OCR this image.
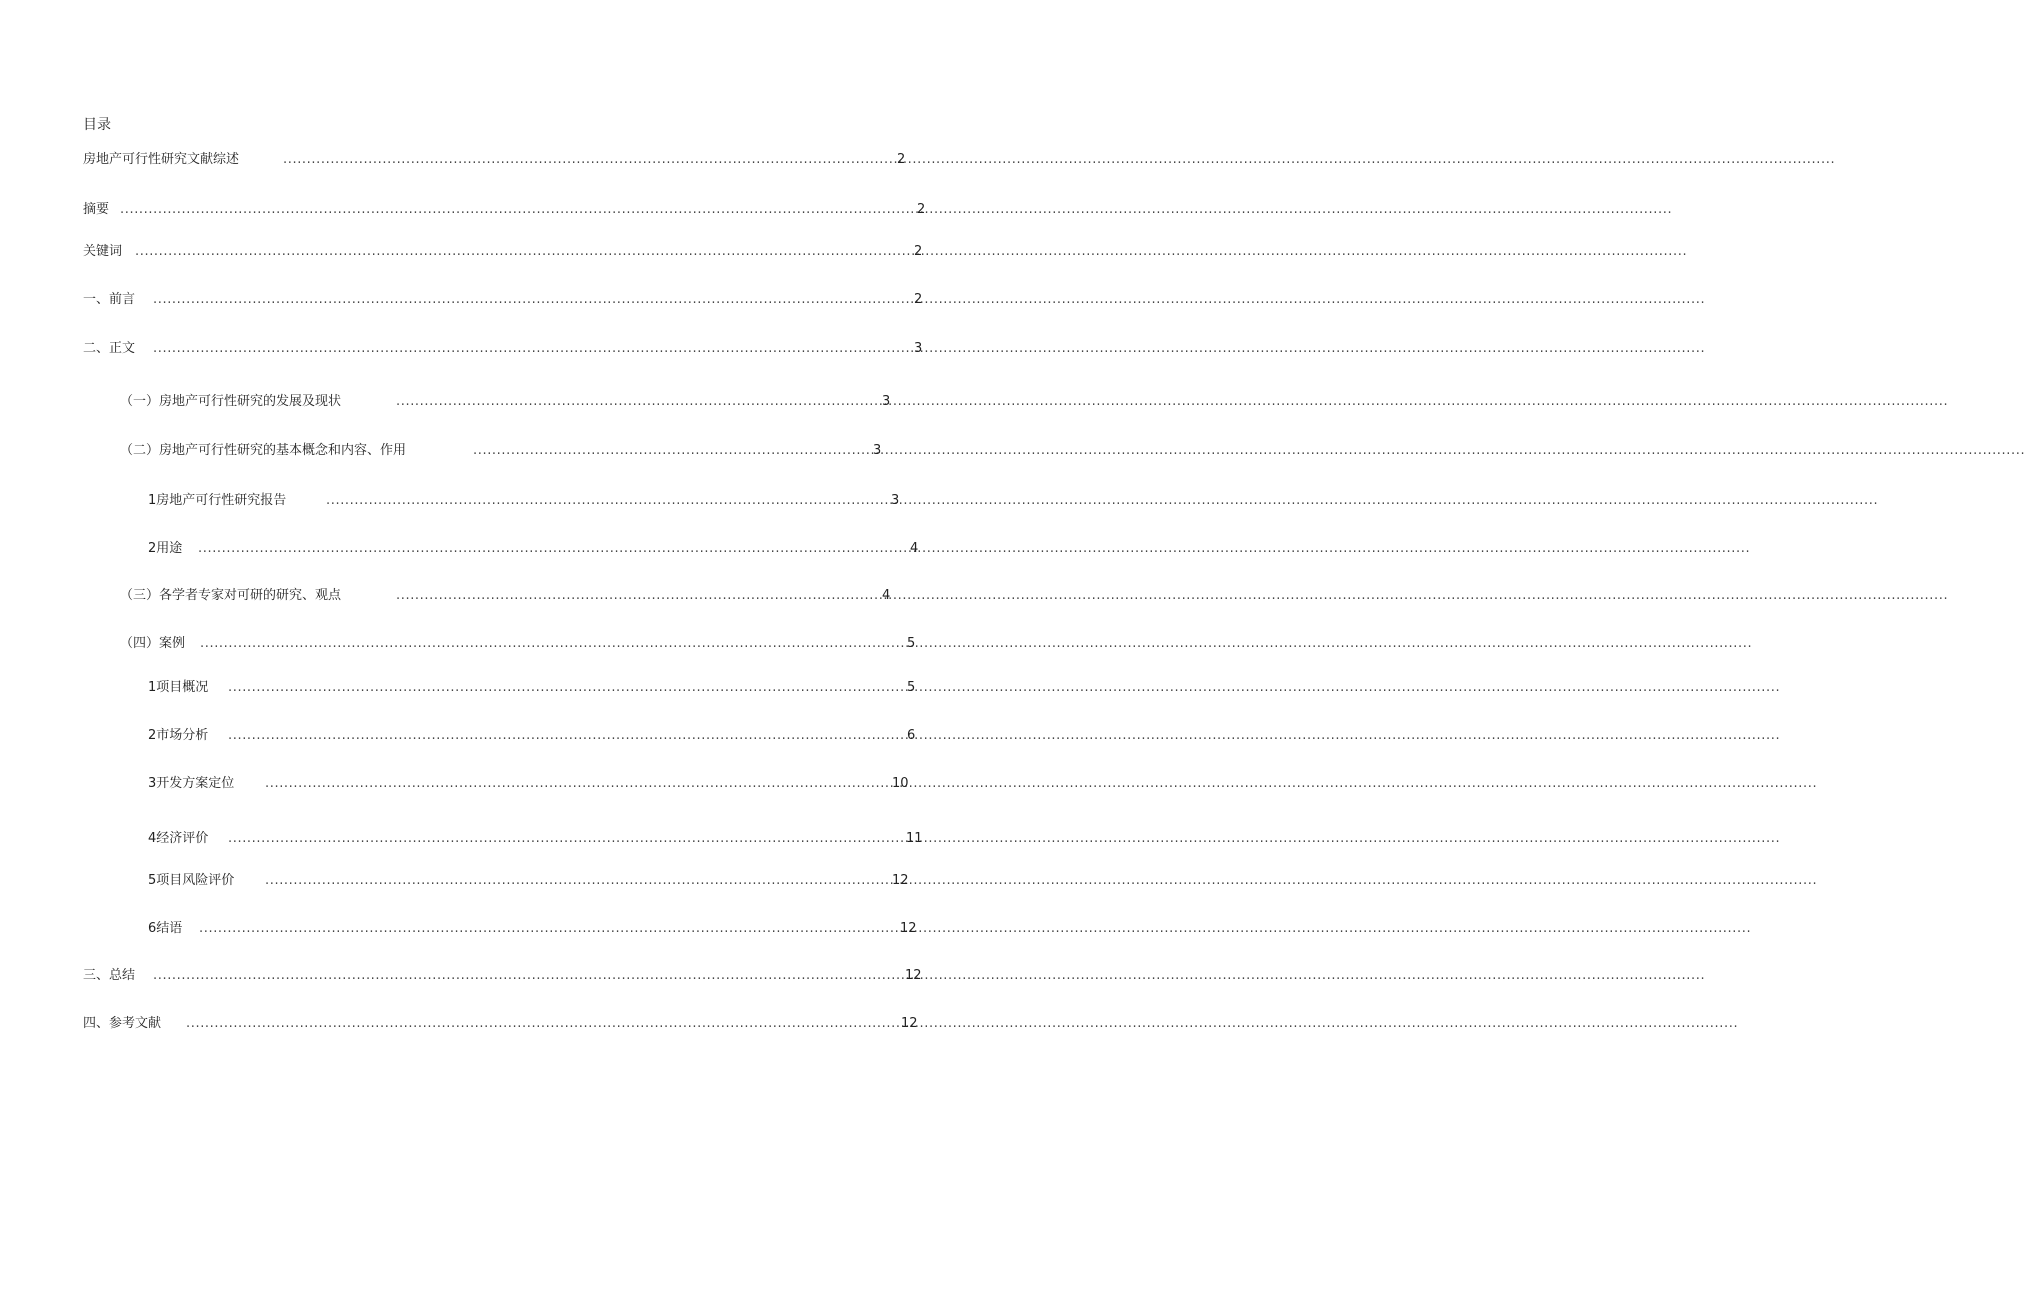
目录
房地产可行性研究文献综述 .....	2
摘要 .....	2
关键词 .....	2
一、前言 .....	2
二、正文 .....	3
（一）房地产可行性研究的发展及现状 .....	3
（二）房地产可行性研究的基本概念和内容、作用 .....	3
1房地产可行性研究报告 .....	3
2用途 .....	4
（三）各学者专家对可研的研究、观点 .....	4
（四）案例 .....	5
1项目概况 .....	5
2市场分析 .....	6
3开发方案定位 .....	10
4经济评价 .....	11
5项目风险评价 .....	12
6结语 .....	12
三、总结 .....	12
四、参考文献 .....	12
